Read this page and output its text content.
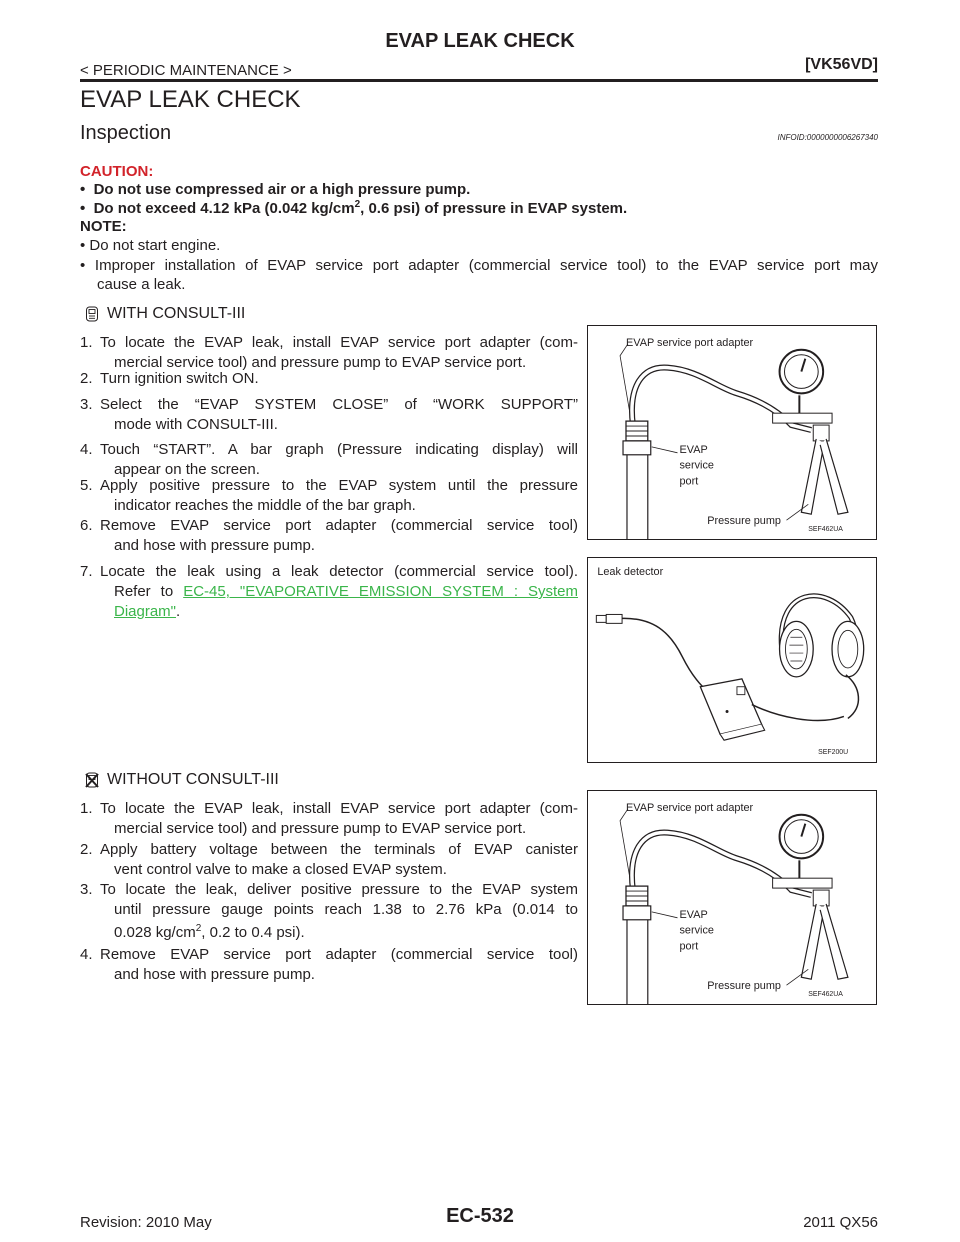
EVAP LEAK CHECK
< PERIODIC MAINTENANCE >	[VK56VD]
EVAP LEAK CHECK
Inspection	INFOID:0000000006267340
CAUTION:
•  Do not use compressed air or a high pressure pump.
•  Do not exceed 4.12 kPa (0.042 $kg/cm^2$, 0.6 psi) of pressure in EVAP system.
NOTE:
• Do not start engine.
• Improper installation of EVAP service port adapter (commercial service tool) to the EVAP service port may
cause a leak.
WITH CONSULT-III
1. To locate the EVAP leak, install EVAP service port adapter (com-
mercial service tool) and pressure pump to EVAP service port.
2. Turn ignition switch ON.
3. Select the “EVAP SYSTEM CLOSE” of “WORK SUPPORT”
mode with CONSULT-III.
4. Touch “START”. A bar graph (Pressure indicating display) will
appear on the screen.
5. Apply positive pressure to the EVAP system until the pressure
indicator reaches the middle of the bar graph.
6. Remove EVAP service port adapter (commercial service tool)
and hose with pressure pump.
7. Locate the leak using a leak detector (commercial service tool).
Refer to EC-45, "EVAPORATIVE EMISSION SYSTEM : System
Diagram".
WITHOUT CONSULT-III
1. To locate the EVAP leak, install EVAP service port adapter (com-
mercial service tool) and pressure pump to EVAP service port.
2. Apply battery voltage between the terminals of EVAP canister
vent control valve to make a closed EVAP system.
3. To locate the leak, deliver positive pressure to the EVAP system
until pressure gauge points reach 1.38 to 2.76 kPa (0.014 to
0.028 $kg/cm^2$, 0.2 to 0.4 psi).
4. Remove EVAP service port adapter (commercial service tool)
and hose with pressure pump.
EVAP service port adapter
EVAP
service
port
Pressure pump
SEF462UA
Leak detector
SEF200U
EVAP service port adapter
EVAP
service
port
Pressure pump
SEF462UA
EC-532
Revision: 2010 May	2011 QX56
